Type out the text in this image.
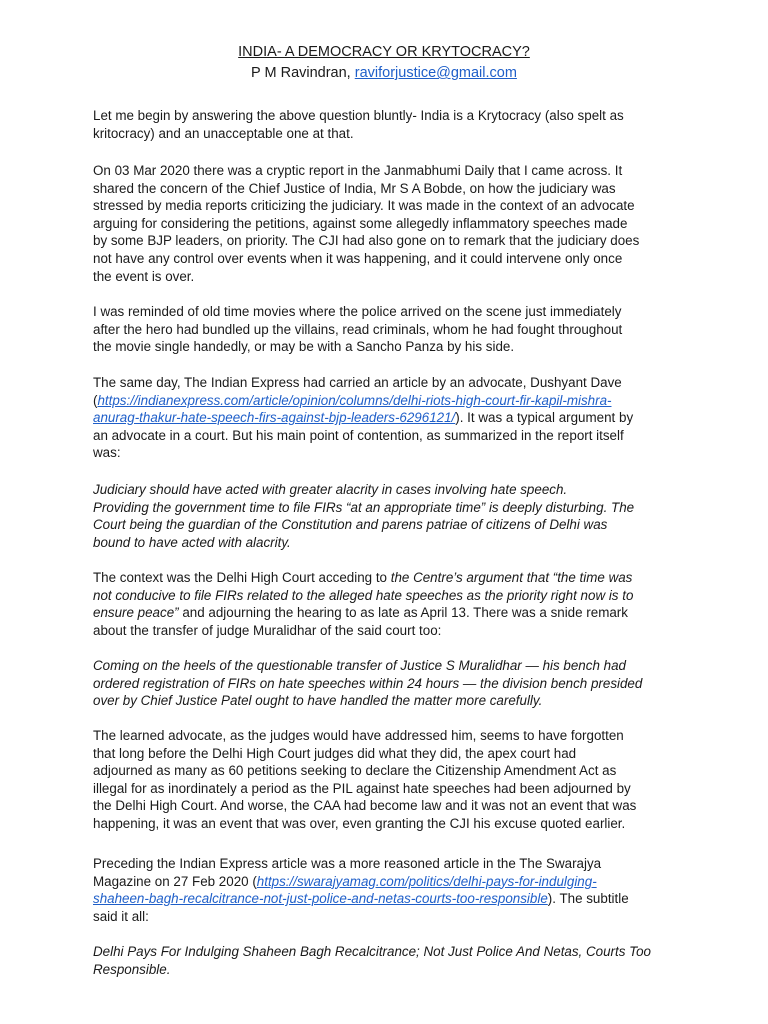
INDIA- A DEMOCRACY OR KRYTOCRACY?
P M Ravindran, raviforjustice@gmail.com

Let me begin by answering the above question bluntly- India is a Krytocracy (also spelt as

kritocracy) and an unacceptable one at that.

On 03 Mar 2020 there was a cryptic report in the Janmabhumi Daily that I came across. It

shared the concern of the Chief Justice of India, Mr S A Bobde, on how the judiciary was

stressed by media reports criticizing the judiciary. It was made in the context of an advocate

arguing for considering the petitions, against some allegedly inflammatory speeches made

by some BJP leaders, on priority. The CJI had also gone on to remark that the judiciary does

not have any control over events when it was happening, and it could intervene only once

the event is over.

I was reminded of old time movies where the police arrived on the scene just immediately

after the hero had bundled up the villains, read criminals, whom he had fought throughout

the movie single handedly, or may be with a Sancho Panza by his side.

The same day, The Indian Express had carried an article by an advocate, Dushyant Dave

(https://indianexpress.com/article/opinion/columns/delhi-riots-high-court-fir-kapil-mishra-

anurag-thakur-hate-speech-firs-against-bjp-leaders-6296121/). It was a typical argument by

an advocate in a court. But his main point of contention, as summarized in the report itself

was:

Judiciary should have acted with greater alacrity in cases involving hate speech.

Providing the government time to file FIRs “at an appropriate time” is deeply disturbing. The

Court being the guardian of the Constitution and parens patriae of citizens of Delhi was

bound to have acted with alacrity.

The context was the Delhi High Court acceding to the Centre’s argument that “the time was

not conducive to file FIRs related to the alleged hate speeches as the priority right now is to

ensure peace” and adjourning the hearing to as late as April 13. There was a snide remark

about the transfer of judge Muralidhar of the said court too:

Coming on the heels of the questionable transfer of Justice S Muralidhar — his bench had

ordered registration of FIRs on hate speeches within 24 hours — the division bench presided

over by Chief Justice Patel ought to have handled the matter more carefully.

The learned advocate, as the judges would have addressed him, seems to have forgotten

that long before the Delhi High Court judges did what they did, the apex court had

adjourned as many as 60 petitions seeking to declare the Citizenship Amendment Act as

illegal for as inordinately a period as the PIL against hate speeches had been adjourned by

the Delhi High Court. And worse, the CAA had become law and it was not an event that was

happening, it was an event that was over, even granting the CJI his excuse quoted earlier.

Preceding the Indian Express article was a more reasoned article in the The Swarajya

Magazine on 27 Feb 2020 (https://swarajyamag.com/politics/delhi-pays-for-indulging-

shaheen-bagh-recalcitrance-not-just-police-and-netas-courts-too-responsible). The subtitle

said it all:

Delhi Pays For Indulging Shaheen Bagh Recalcitrance; Not Just Police And Netas, Courts Too

Responsible.
